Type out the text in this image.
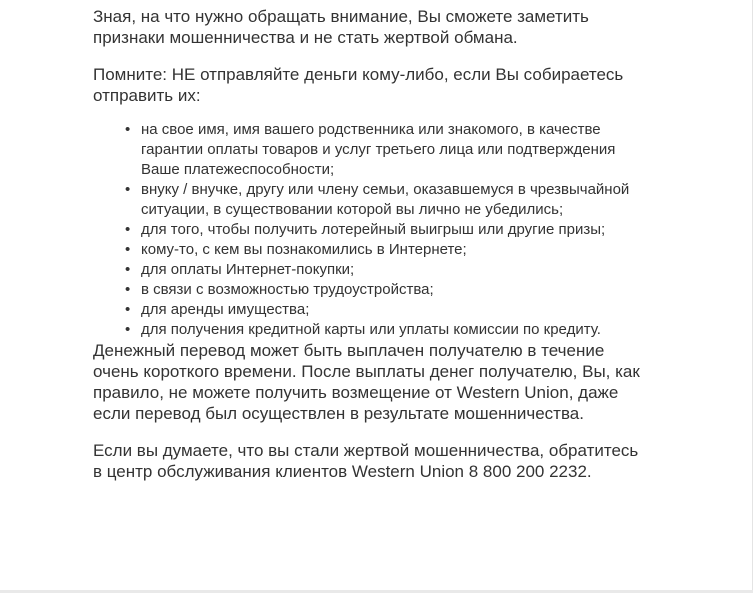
Зная, на что нужно обращать внимание, Вы сможете заметить признаки мошенничества и не стать жертвой обмана.

Помните: НЕ отправляйте деньги кому-либо, если Вы собираетесь отправить их:

• на свое имя, имя вашего родственника или знакомого, в качестве гарантии оплаты товаров и услуг третьего лица или подтверждения Ваше платежеспособности;
• внуку / внучке, другу или члену семьи, оказавшемуся в чрезвычайной ситуации, в существовании которой вы лично не убедились;
• для того, чтобы получить лотерейный выигрыш или другие призы;
• кому-то, с кем вы познакомились в Интернете;
• для оплаты Интернет-покупки;
• в связи с возможностью трудоустройства;
• для аренды имущества;
• для получения кредитной карты или уплаты комиссии по кредиту.

Денежный перевод может быть выплачен получателю в течение очень короткого времени. После выплаты денег получателю, Вы, как правило, не можете получить возмещение от Western Union, даже если перевод был осуществлен в результате мошенничества.

Если вы думаете, что вы стали жертвой мошенничества, обратитесь в центр обслуживания клиентов Western Union 8 800 200 2232.
